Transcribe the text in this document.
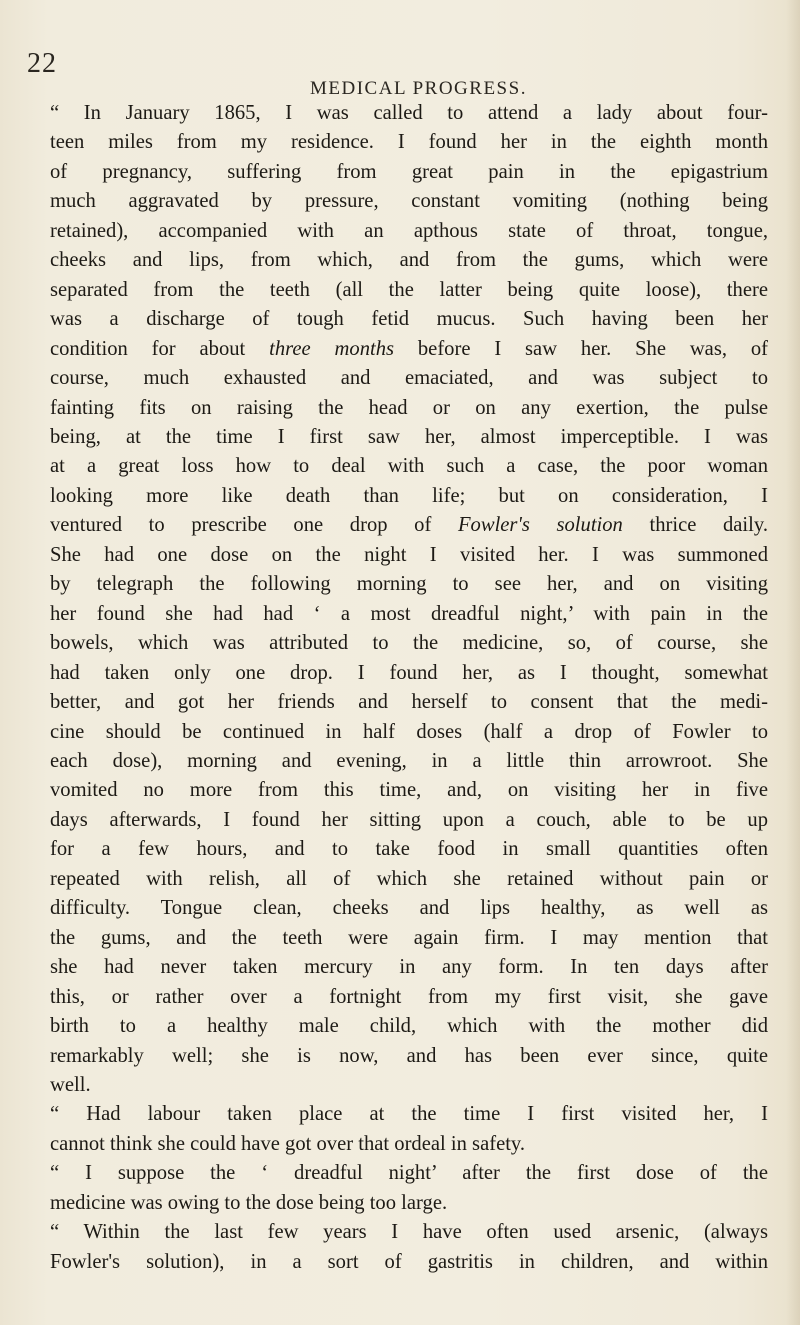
22
MEDICAL PROGRESS.

“ In January 1865, I was called to attend a lady about four-

teen miles from my residence. I found her in the eighth month

of pregnancy, suffering from great pain in the epigastrium

much aggravated by pressure, constant vomiting (nothing being

retained), accompanied with an apthous state of throat, tongue,

cheeks and lips, from which, and from the gums, which were

separated from the teeth (all the latter being quite loose), there

was a discharge of tough fetid mucus. Such having been her

condition for about three months before I saw her. She was, of

course, much exhausted and emaciated, and was subject to

fainting fits on raising the head or on any exertion, the pulse

being, at the time I first saw her, almost imperceptible. I was

at a great loss how to deal with such a case, the poor woman

looking more like death than life; but on consideration, I

ventured to prescribe one drop of Fowler's solution thrice daily.

She had one dose on the night I visited her. I was summoned

by telegraph the following morning to see her, and on visiting

her found she had had ‘ a most dreadful night,’ with pain in the

bowels, which was attributed to the medicine, so, of course, she

had taken only one drop. I found her, as I thought, somewhat

better, and got her friends and herself to consent that the medi-

cine should be continued in half doses (half a drop of Fowler to

each dose), morning and evening, in a little thin arrowroot. She

vomited no more from this time, and, on visiting her in five

days afterwards, I found her sitting upon a couch, able to be up

for a few hours, and to take food in small quantities often

repeated with relish, all of which she retained without pain or

difficulty. Tongue clean, cheeks and lips healthy, as well as

the gums, and the teeth were again firm. I may mention that

she had never taken mercury in any form. In ten days after

this, or rather over a fortnight from my first visit, she gave

birth to a healthy male child, which with the mother did

remarkably well; she is now, and has been ever since, quite

well.

“ Had labour taken place at the time I first visited her, I

cannot think she could have got over that ordeal in safety.

“ I suppose the ‘ dreadful night’ after the first dose of the

medicine was owing to the dose being too large.

“ Within the last few years I have often used arsenic, (always

Fowler's solution), in a sort of gastritis in children, and within
